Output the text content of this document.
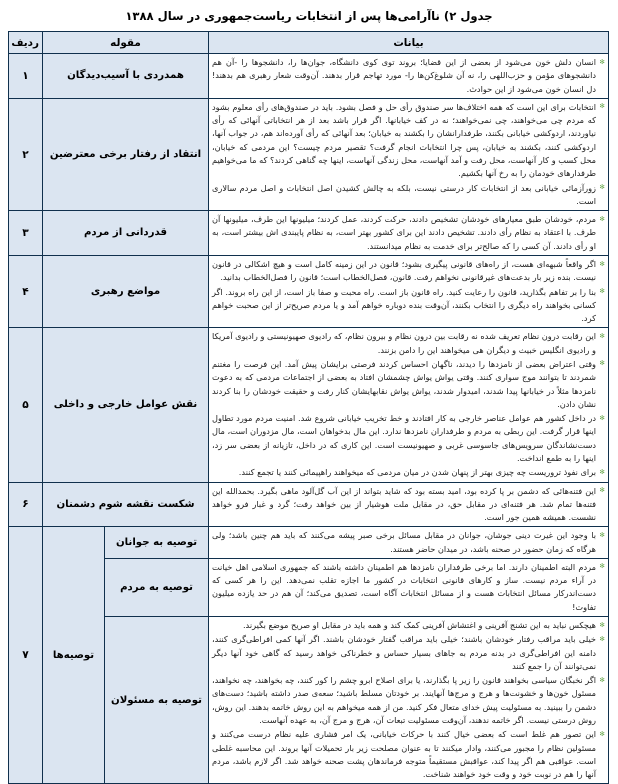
جدول ۲) ناآرامی‌ها پس از انتخابات ریاست‌جمهوری در سال ۱۳۸۸
بیانات	مقوله		ردیف

✻ انسان دلش خون می‌شود از بعضی از این قضایا؛ بروند توی کوی دانشگاه، جوان‌ها را، دانشجوها را -آن هم دانشجوهای مؤمن و حزب‌اللهی را، نه آن شلوغ‌کن‌ها را- مورد تهاجم قرار بدهند. آن‌وقت شعار رهبری هم بدهند! دل انسان خون می‌شود از این حوادث.
	همدردی با آسیب‌دیدگان	۱

✻ انتخابات برای این است که همه اختلاف‌ها سر صندوق رأی حل و فصل بشود. باید در صندوق‌های رأی معلوم بشود که مردم چی می‌خواهند، چی نمی‌خواهند؛ نه در کف خیابانها. اگر قرار باشد بعد از هر انتخاباتی آنهائی که رأی نیاوردند، اردوکشی خیابانی بکنند، طرفدارانشان را بکشند به خیابان؛ بعد آنهائی که رأی آورده‌اند هم، در جواب آنها، اردوکشی کنند، بکشند به خیابان، پس چرا انتخابات انجام گرفت؟ تقصیر مردم چیست؟ این مردمی که خیابان، محل کسب و کار آنهاست، محل رفت و آمد آنهاست، محل زندگی آنهاست، اینها چه گناهی کردند؟ که ما می‌خواهیم طرفدارهای خودمان را به رخ آنها بکشیم.
✻ زورآزمائی خیابانی بعد از انتخابات کار درستی نیست، بلکه به چالش کشیدن اصل انتخابات و اصل مردم سالاری است.
	انتقاد از رفتار برخی معترضین	۲

✻ مردم، خودشان طبق معیارهای خودشان تشخیص دادند، حرکت کردند، عمل کردند؛ میلیونها این طرف، میلیونها آن طرف. با اعتقاد به نظام رأی دادند. تشخیص دادند این برای کشور بهتر است، به نظام پایبندی اش بیشتر است، به او رأی دادند. آن کسی را که صالح‌تر برای خدمت به نظام میدانستند.
	قدردانی از مردم	۳

✻ اگر واقعاً شبهه‌ای هست، از راه‌های قانونی پیگیری بشود؛ قانون در این زمینه کامل است و هیچ اشکالی در قانون نیست. بنده زیر بار بدعت‌های غیرقانونی نخواهم رفت. قانون، فصل‌الخطاب است؛ قانون را فصل‌الخطاب بدانید.
✻ بنا را بر تفاهم بگذارید، قانون را رعایت کنید. راه قانون باز است. راه محبت و صفا باز است، از این راه بروند. اگر کسانی بخواهند راه دیگری را انتخاب بکنند، آن‌وقت بنده دوباره خواهم آمد و یا مردم صریح‌تر از این صحبت خواهم کرد.
	مواضع رهبری	۴

✻ این رقابت درون نظام تعریف شده نه رقابت بین درون نظام و بیرون نظام، که رادیوی صهیونیستی و رادیوی آمریکا و رادیوی انگلیس خبیث و دیگران هی میخواهند این را دامن بزنند.
✻ وقتی اعتراض بعضی از نامزدها را دیدند، ناگهان احساس کردند فرصتی برایشان پیش آمد. این فرصت را مغتنم شمردند تا بتوانند موج سواری کنند. وقتی یواش یواش چشمشان افتاد به بعضی از اجتماعات مردمی که به دعوت نامزدها مثلاً در خیابانها پیدا شدند، امیدوار شدند، یواش یواش نقابهایشان کنار رفت و حقیقت خودشان را بنا کردند نشان دادن.
✻ در داخل کشور هم عوامل عناصر خارجی به کار افتادند و خط تخریب خیابانی شروع شد. امنیت مردم مورد تطاول اینها قرار گرفت. این ربطی به مردم و طرفداران نامزدها ندارد. این مال بدخواهان است، مال مزدوران است، مال دست‌نشاندگان سرویس‌های جاسوسی غربی و صهیونیست است. این کاری که در داخل، تازیانه از بعضی سر زد، اینها را به طمع انداخت.
✻ برای نفوذ تروریست چه چیزی بهتر از پنهان شدن در میان مردمی که میخواهند راهپیمائی کنند یا تجمع کنند.
	نقش عوامل خارجی و داخلی	۵

✻ این فتنه‌هائی که دشمن بر پا کرده بود، امید بسته بود که شاید بتواند از این آب گل‌آلود ماهی بگیرد. بحمدالله این فتنه‌ها تمام شد. هر فتنه‌ای در مقابل حق، در مقابل ملت هوشیار از بین خواهد رفت؛ گرد و غبار فرو خواهد نشست. همیشه همین جور است.
	شکست نقشه شوم دشمنان	۶

✻ با وجود این غیرت دینی جوشان، جوانان در مقابل مسائل برخی صبر پیشه می‌کنند که باید هم چنین باشد؛ ولی هرگاه که زمان حضور در صحنه باشد، در میدان حاضر هستند.
	توصیه به جوانان	توصیه‌ها	۷

✻ مردم البته اطمینان دارند. اما برخی طرفداران نامزدها هم اطمینان داشته باشند که جمهوری اسلامی اهل خیانت در آراء مردم نیست. ساز و کارهای قانونی انتخابات در کشور ما اجازه تقلب نمی‌دهد. این را هر کسی که دست‌اندرکار مسائل انتخابات هست و از مسائل انتخابات آگاه است، تصدیق می‌کند؛ آن هم در حد یازده میلیون تفاوت!
	توصیه به مردم

✻ هیچکس نباید به این تشنج آفرینی و اغتشاش آفرینی کمک کند و همه باید در مقابل او صریح موضع بگیرند.
✻ خیلی باید مراقب رفتار خودشان باشند؛ خیلی باید مراقب گفتار خودشان باشند. اگر آنها کمی افراطی‌گری کنند، دامنه این افراطی‌گری در بدنه مردم به جاهای بسیار حساس و خطرناکی خواهد رسید که گاهی خود آنها دیگر نمی‌توانند آن را جمع کنند
✻ اگر نخبگان سیاسی بخواهند قانون را زیر پا بگذارند، یا برای اصلاح ابرو چشم را کور کنند، چه بخواهند، چه نخواهند، مسئول خون‌ها و خشونت‌ها و هرج و مرج‌ها آنهایند. بر خودتان مسلط باشید؛ سعه‌ی صدر داشته باشید؛ دست‌های دشمن را ببینید. به مسئولیت پیش خدای متعال فکر کنید. من از همه میخواهم به این روش خاتمه بدهند. این روش، روش درستی نیست. اگر خاتمه ندهند، آن‌وقت مسئولیت تبعات آن، هرج و مرج آن، به عهده آنهاست.
✻ این تصور هم غلط است که بعضی خیال کنند با حرکات خیابانی، یک امر فشاری علیه نظام درست می‌کنند و مسئولین نظام را مجبور می‌کنند، وادار میکنند تا به عنوان مصلحت زیر بار تحمیلات آنها بروند. این محاسبه غلطی است. عواقبی هم اگر پیدا کند، عواقبش مستقیماً متوجه فرماندهان پشت صحنه خواهد شد. اگر لازم باشد، مردم آنها را هم در نوبت خود و وقت خود خواهند شناخت.
	توصیه به مسئولان
